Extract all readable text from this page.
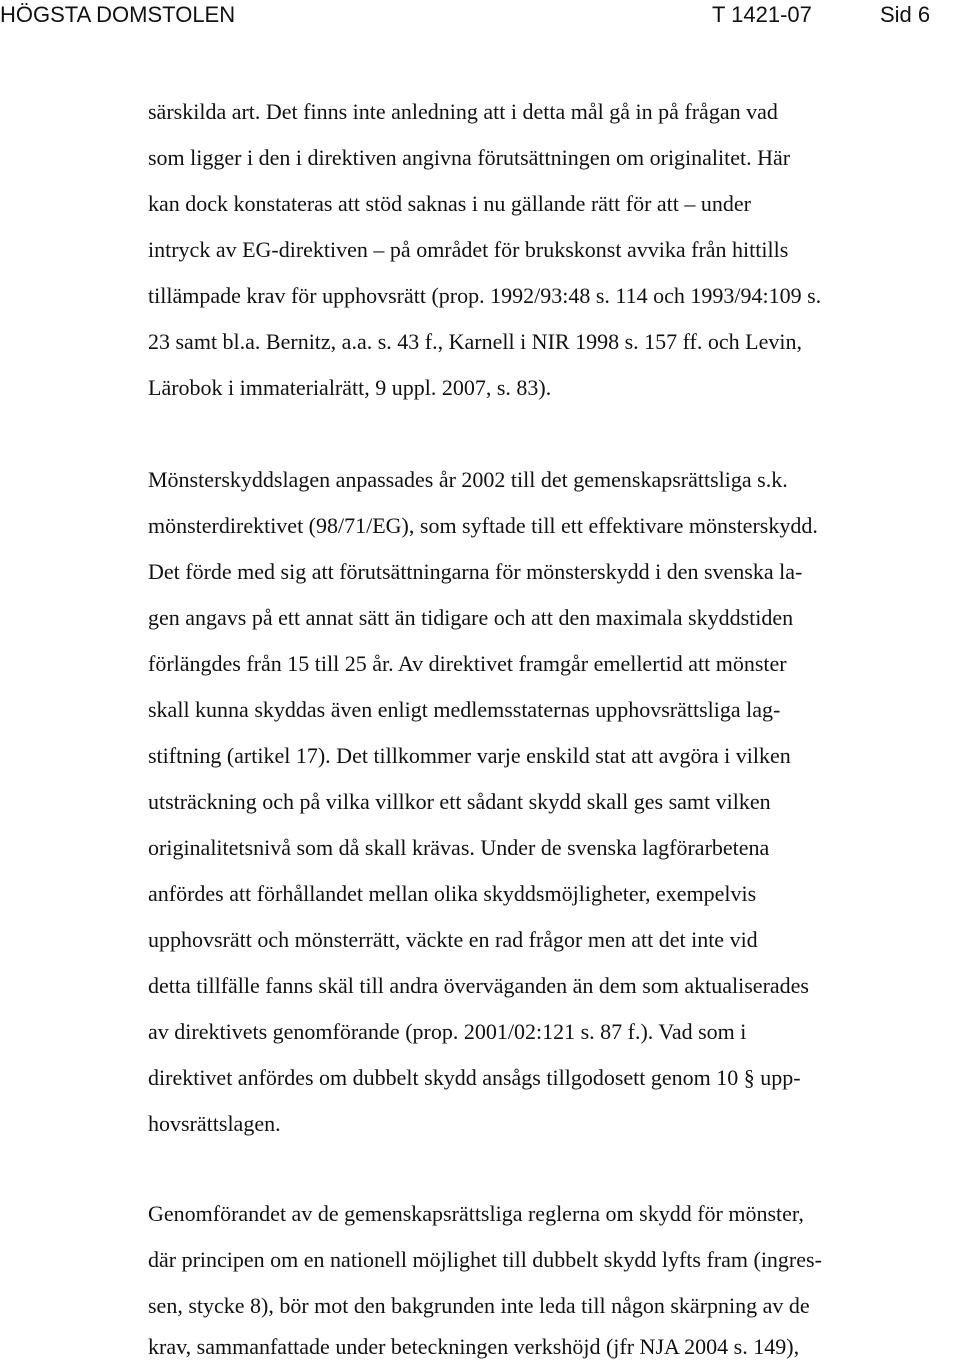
HÖGSTA DOMSTOLEN	T 1421-07	Sid 6
särskilda art. Det finns inte anledning att i detta mål gå in på frågan vad
som ligger i den i direktiven angivna förutsättningen om originalitet. Här
kan dock konstateras att stöd saknas i nu gällande rätt för att – under
intryck av EG-direktiven – på området för brukskonst avvika från hittills
tillämpade krav för upphovsrätt (prop. 1992/93:48 s. 114 och 1993/94:109 s.
23 samt bl.a. Bernitz, a.a. s. 43 f., Karnell i NIR 1998 s. 157 ff. och Levin,
Lärobok i immaterialrätt, 9 uppl. 2007, s. 83).
Mönsterskyddslagen anpassades år 2002 till det gemenskapsrättsliga s.k.
mönsterdirektivet (98/71/EG), som syftade till ett effektivare mönsterskydd.
Det förde med sig att förutsättningarna för mönsterskydd i den svenska la-
gen angavs på ett annat sätt än tidigare och att den maximala skyddstiden
förlängdes från 15 till 25 år. Av direktivet framgår emellertid att mönster
skall kunna skyddas även enligt medlemsstaternas upphovsrättsliga lag-
stiftning (artikel 17). Det tillkommer varje enskild stat att avgöra i vilken
utsträckning och på vilka villkor ett sådant skydd skall ges samt vilken
originalitetsnivå som då skall krävas. Under de svenska lagförarbetena
anfördes att förhållandet mellan olika skyddsmöjligheter, exempelvis
upphovsrätt och mönsterrätt, väckte en rad frågor men att det inte vid
detta tillfälle fanns skäl till andra överväganden än dem som aktualiserades
av direktivets genomförande (prop. 2001/02:121 s. 87 f.). Vad som i
direktivet anfördes om dubbelt skydd ansågs tillgodosett genom 10 § upp-
hovsrättslagen.
Genomförandet av de gemenskapsrättsliga reglerna om skydd för mönster,
där principen om en nationell möjlighet till dubbelt skydd lyfts fram (ingres-
sen, stycke 8), bör mot den bakgrunden inte leda till någon skärpning av de
krav, sammanfattade under beteckningen verkshöjd (jfr NJA 2004 s. 149),
